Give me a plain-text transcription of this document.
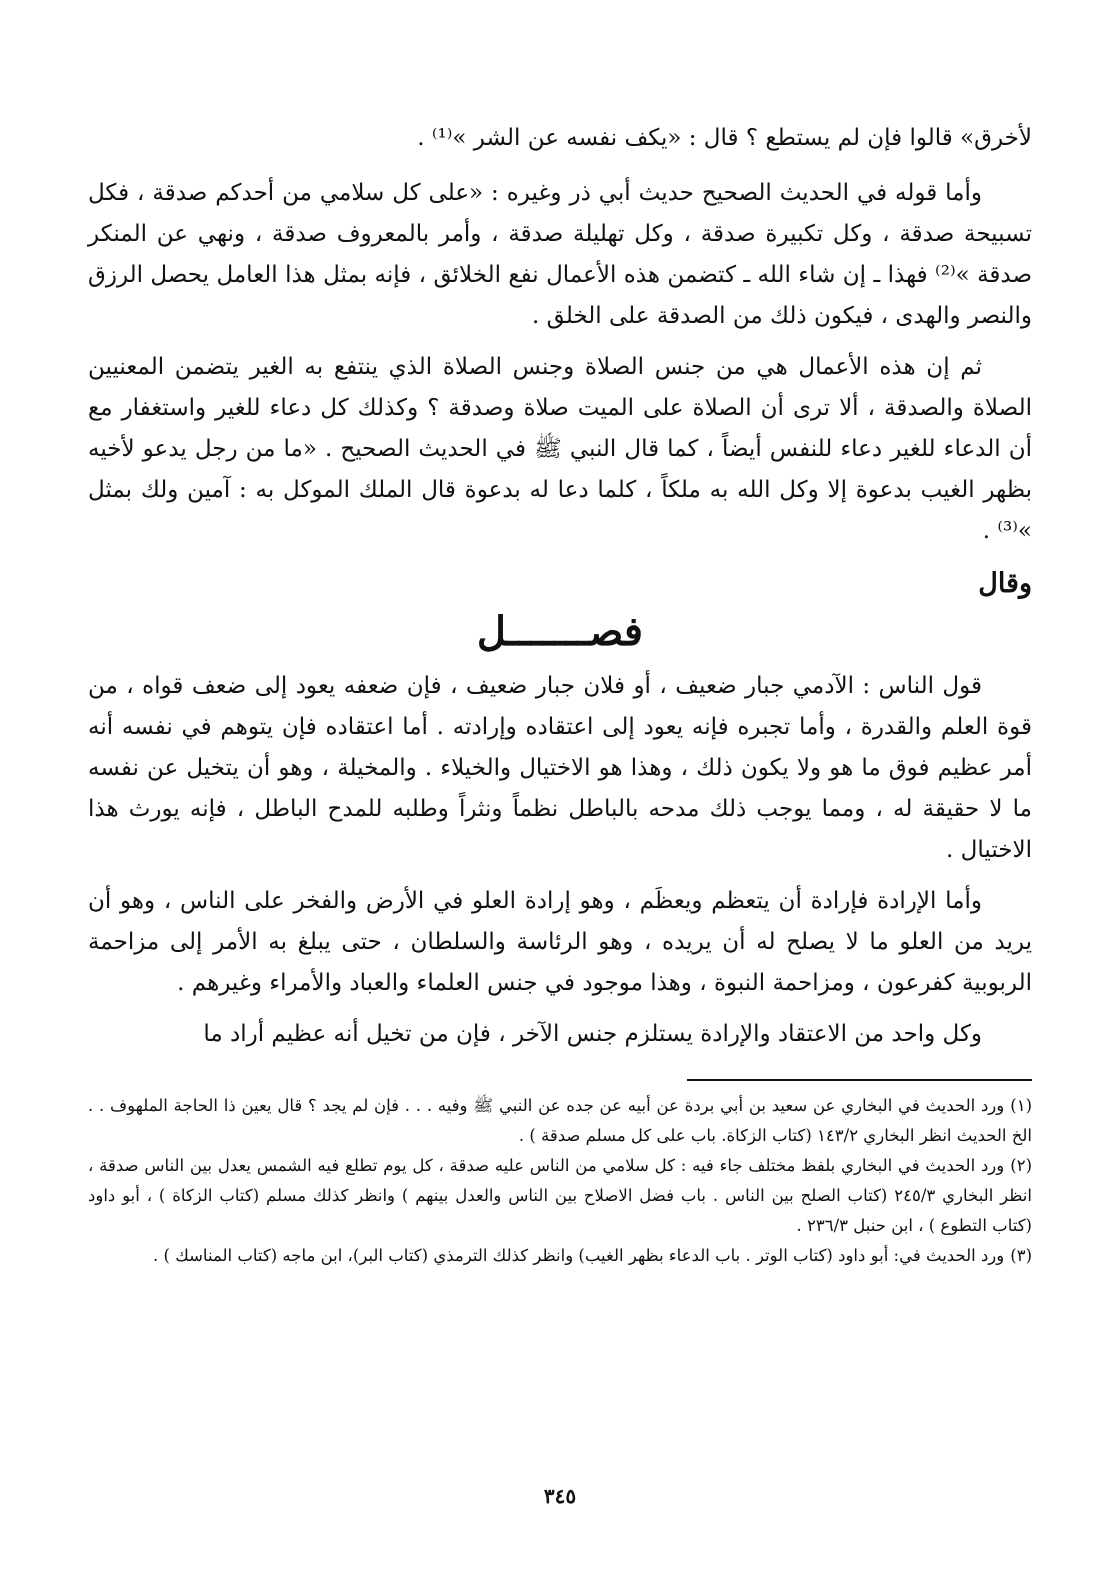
لأخرق» قالوا فإن لم يستطع ؟ قال : «يكف نفسه عن الشر »⁽¹⁾ .

وأما قوله في الحديث الصحيح حديث أبي ذر وغيره : «على كل سلامي من أحدكم صدقة ، فكل تسبيحة صدقة ، وكل تكبيرة صدقة ، وكل تهليلة صدقة ، وأمر بالمعروف صدقة ، ونهي عن المنكر صدقة »⁽²⁾ فهذا ـ إن شاء الله ـ كتضمن هذه الأعمال نفع الخلائق ، فإنه بمثل هذا العامل يحصل الرزق والنصر والهدى ، فيكون ذلك من الصدقة على الخلق .

ثم إن هذه الأعمال هي من جنس الصلاة وجنس الصلاة الذي ينتفع به الغير يتضمن المعنيين الصلاة والصدقة ، ألا ترى أن الصلاة على الميت صلاة وصدقة ؟ وكذلك كل دعاء للغير واستغفار مع أن الدعاء للغير دعاء للنفس أيضاً ، كما قال النبي ﷺ في الحديث الصحيح . «ما من رجل يدعو لأخيه بظهر الغيب بدعوة إلا وكل الله به ملكاً ، كلما دعا له بدعوة قال الملك الموكل به : آمين ولك بمثل »⁽³⁾ .

وقال
فصـــــــل

قول الناس : الآدمي جبار ضعيف ، أو فلان جبار ضعيف ، فإن ضعفه يعود إلى ضعف قواه ، من قوة العلم والقدرة ، وأما تجبره فإنه يعود إلى اعتقاده وإرادته . أما اعتقاده فإن يتوهم في نفسه أنه أمر عظيم فوق ما هو ولا يكون ذلك ، وهذا هو الاختيال والخيلاء . والمخيلة ، وهو أن يتخيل عن نفسه ما لا حقيقة له ، ومما يوجب ذلك مدحه بالباطل نظماً ونثراً وطلبه للمدح الباطل ، فإنه يورث هذا الاختيال .

وأما الإرادة فإرادة أن يتعظم ويعظَم ، وهو إرادة العلو في الأرض والفخر على الناس ، وهو أن يريد من العلو ما لا يصلح له أن يريده ، وهو الرئاسة والسلطان ، حتى يبلغ به الأمر إلى مزاحمة الربوبية كفرعون ، ومزاحمة النبوة ، وهذا موجود في جنس العلماء والعباد والأمراء وغيرهم .

وكل واحد من الاعتقاد والإرادة يستلزم جنس الآخر ، فإن من تخيل أنه عظيم أراد ما

(١)ورد الحديث في البخاري عن سعيد بن أبي بردة عن أبيه عن جده عن النبي ﷺ وفيه . . . فإن لم يجد ؟ قال يعين ذا الحاجة الملهوف . . الخ الحديث انظر البخاري ١٤٣/٢ (كتاب الزكاة. باب على كل مسلم صدقة ) .

(٢)ورد الحديث في البخاري بلفظ مختلف جاء فيه : كل سلامي من الناس عليه صدقة ، كل يوم تطلع فيه الشمس يعدل بين الناس صدقة ، انظر البخاري ٢٤٥/٣ (كتاب الصلح بين الناس . باب فضل الاصلاح بين الناس والعدل بينهم ) وانظر كذلك مسلم (كتاب الزكاة ) ، أبو داود (كتاب التطوع ) ، ابن حنبل ٢٣٦/٣ .

(٣)ورد الحديث في: أبو داود (كتاب الوتر . باب الدعاء بظهر الغيب) وانظر كذلك الترمذي (كتاب البر)، ابن ماجه (كتاب المناسك ) .

٣٤٥
